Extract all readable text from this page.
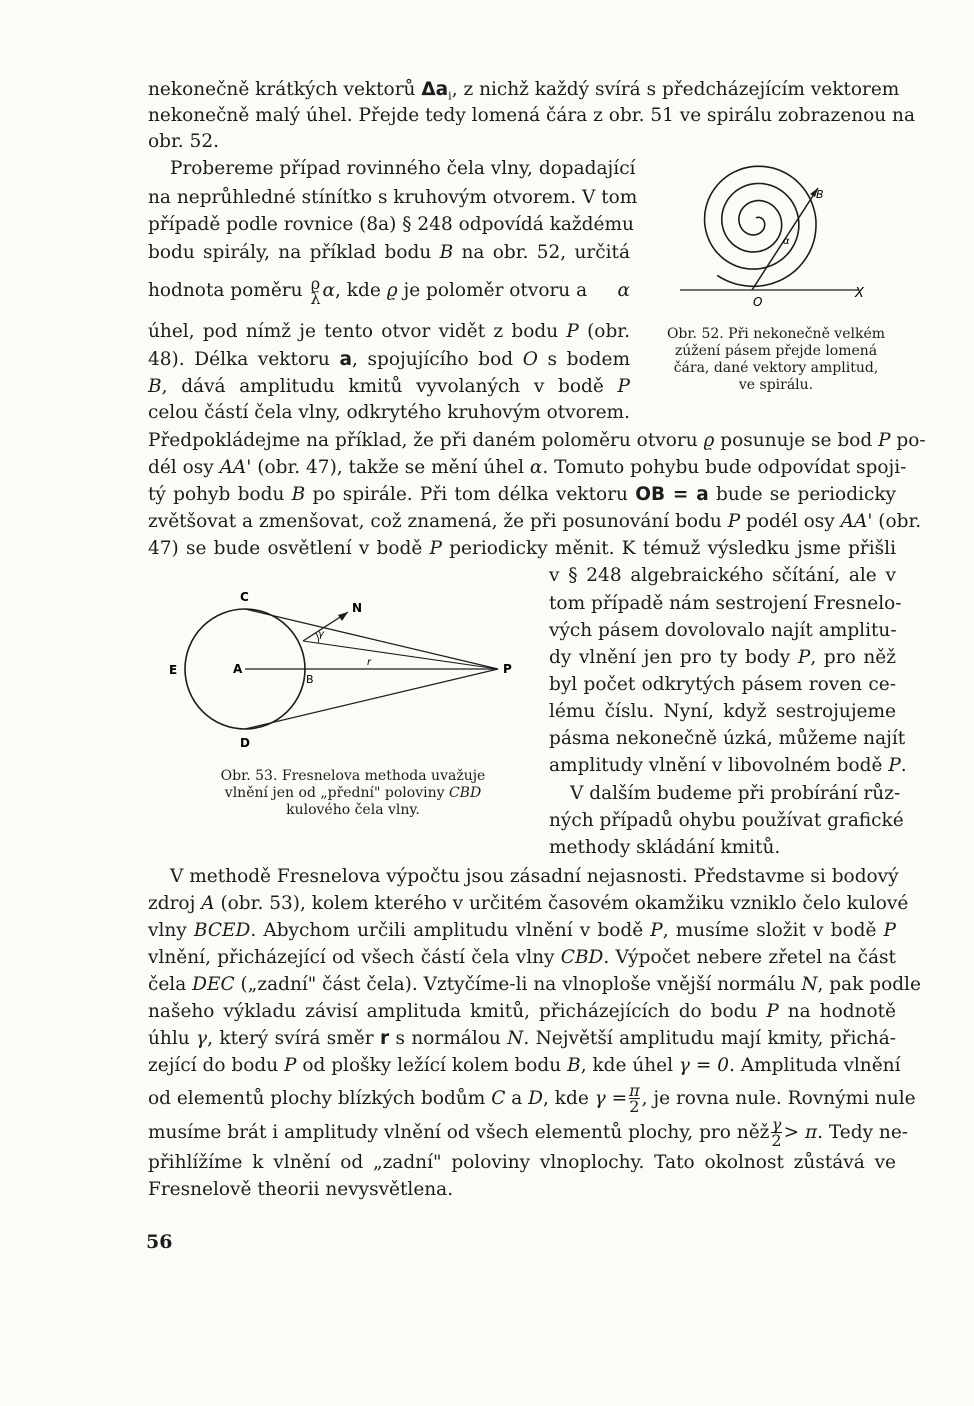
nekonečně krátkých vektorů $\Delta a_i$, z nichž každý svírá s předcházejícím vektorem
nekonečně malý úhel. Přejde tedy lomená čára z obr. 51 ve spirálu zobrazenou na
obr. 52.
Probereme případ rovinného čela vlny, dopadající
na neprůhledné stínítko s kruhovým otvorem. V tom
případě podle rovnice (8a) § 248 odpovídá každému
bodu spirály, na příklad bodu B na obr. 52, určitá
hodnota poměru ϱ
λ α, kde ϱ je poloměr otvoru a α
úhel, pod nímž je tento otvor vidět z bodu P (obr.
48). Délka vektoru a, spojujícího bod O s bodem
B, dává amplitudu kmitů vyvolaných v bodě P
celou částí čela vlny, odkrytého kruhovým otvorem.
Předpokládejme na příklad, že při daném poloměru otvoru ϱ posunuje se bod P po-
dél osy AA' (obr. 47), takže se mění úhel α. Tomuto pohybu bude odpovídat spoji-
tý pohyb bodu B po spirále. Při tom délka vektoru OB = a bude se periodicky
zvětšovat a zmenšovat, což znamená, že při posunování bodu P podél osy AA' (obr.
47) se bude osvětlení v bodě P periodicky měnit. K témuž výsledku jsme přišli
v § 248 algebraického sčítání, ale v
tom případě nám sestrojení Fresnelo-
vých pásem dovolovalo najít amplitu-
dy vlnění jen pro ty body P, pro něž
byl počet odkrytých pásem roven ce-
lému číslu. Nyní, když sestrojujeme
pásma nekonečně úzká, můžeme najít
amplitudy vlnění v libovolném bodě P.
V dalším budeme při probírání růz-
ných případů ohybu používat grafické
methody skládání kmitů.
V methodě Fresnelova výpočtu jsou zásadní nejasnosti. Představme si bodový
zdroj A (obr. 53), kolem kterého v určitém časovém okamžiku vzniklo čelo kulové
vlny BCED. Abychom určili amplitudu vlnění v bodě P, musíme složit v bodě P
vlnění, přicházející od všech částí čela vlny CBD. Výpočet nebere zřetel na část
čela DEC („zadní" část čela). Vztyčíme-li na vlnoploše vnější normálu N, pak podle
našeho výkladu závisí amplituda kmitů, přicházejících do bodu P na hodnotě
úhlu γ, který svírá směr r s normálou N. Největší amplitudu mají kmity, přichá-
zející do bodu P od plošky ležící kolem bodu B, kde úhel γ = 0. Amplituda vlnění
od elementů plochy blízkých bodům C a D, kde $\gamma = \frac{\pi}{2}$ , je rovna nule. Rovnými nule
musíme brát i amplitudy vlnění od všech elementů plochy, pro něž $\frac{\gamma}{2} > \pi$ . Tedy ne-
přihlížíme k vlnění od „zadní" poloviny vlnoplochy. Tato okolnost zůstává ve
Fresnelově theorii nevysvětlena.
B
α
O
X
Obr. 52. Při nekonečně velkém
zúžení pásem přejde lomená
čára, dané vektory amplitud,
ve spirálu.
C
N
γ
E	A	r	P
B
D
Obr. 53. Fresnelova methoda uvažuje
vlnění jen od „přední" poloviny CBD
kulového čela vlny.
56
